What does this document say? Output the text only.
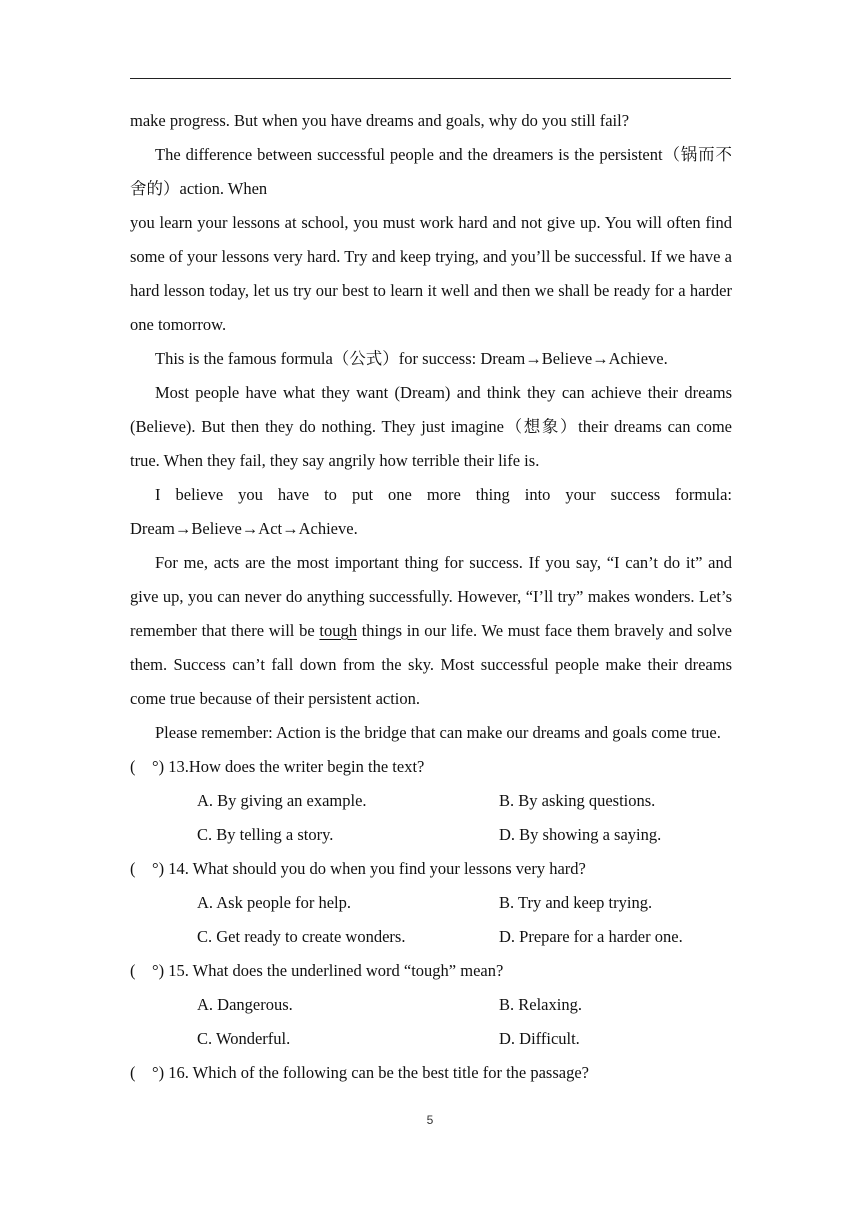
make progress. But when you have dreams and goals, why do you still fail?

The difference between successful people and the dreamers is the persistent（锅而不舍的）action. When

you learn your lessons at school, you must work hard and not give up. You will often find some of your lessons very hard. Try and keep trying, and you’ll be successful. If we have a hard lesson today, let us try our best to learn it well and then we shall be ready for a harder one tomorrow.

This is the famous formula（公式）for success: Dream→Believe→Achieve.

Most people have what they want (Dream) and think they can achieve their dreams (Believe). But then they do nothing. They just imagine（想象）their dreams can come true. When they fail, they say angrily how terrible their life is.

I believe you have to put one more thing into your success formula: Dream→Believe→Act→Achieve.

For me, acts are the most important thing for success. If you say, “I can’t do it” and give up, you can never do anything successfully. However, “I’ll try” makes wonders. Let’s remember that there will be tough things in our life. We must face them bravely and solve them. Success can’t fall down from the sky. Most successful people make their dreams come true because of their persistent action.

Please remember: Action is the bridge that can make our dreams and goals come true.

(　°) 13.How does the writer begin the text?

A. By giving an example.	B. By asking questions.
C. By telling a story.	D. By showing a saying.

(　°) 14. What should you do when you find your lessons very hard?

A. Ask people for help.	B. Try and keep trying.
C. Get ready to create wonders.	D. Prepare for a harder one.

(　°) 15. What does the underlined word “tough” mean?

A. Dangerous.	B. Relaxing.
C. Wonderful.	D. Difficult.

(　°) 16. Which of the following can be the best title for the passage?

5
